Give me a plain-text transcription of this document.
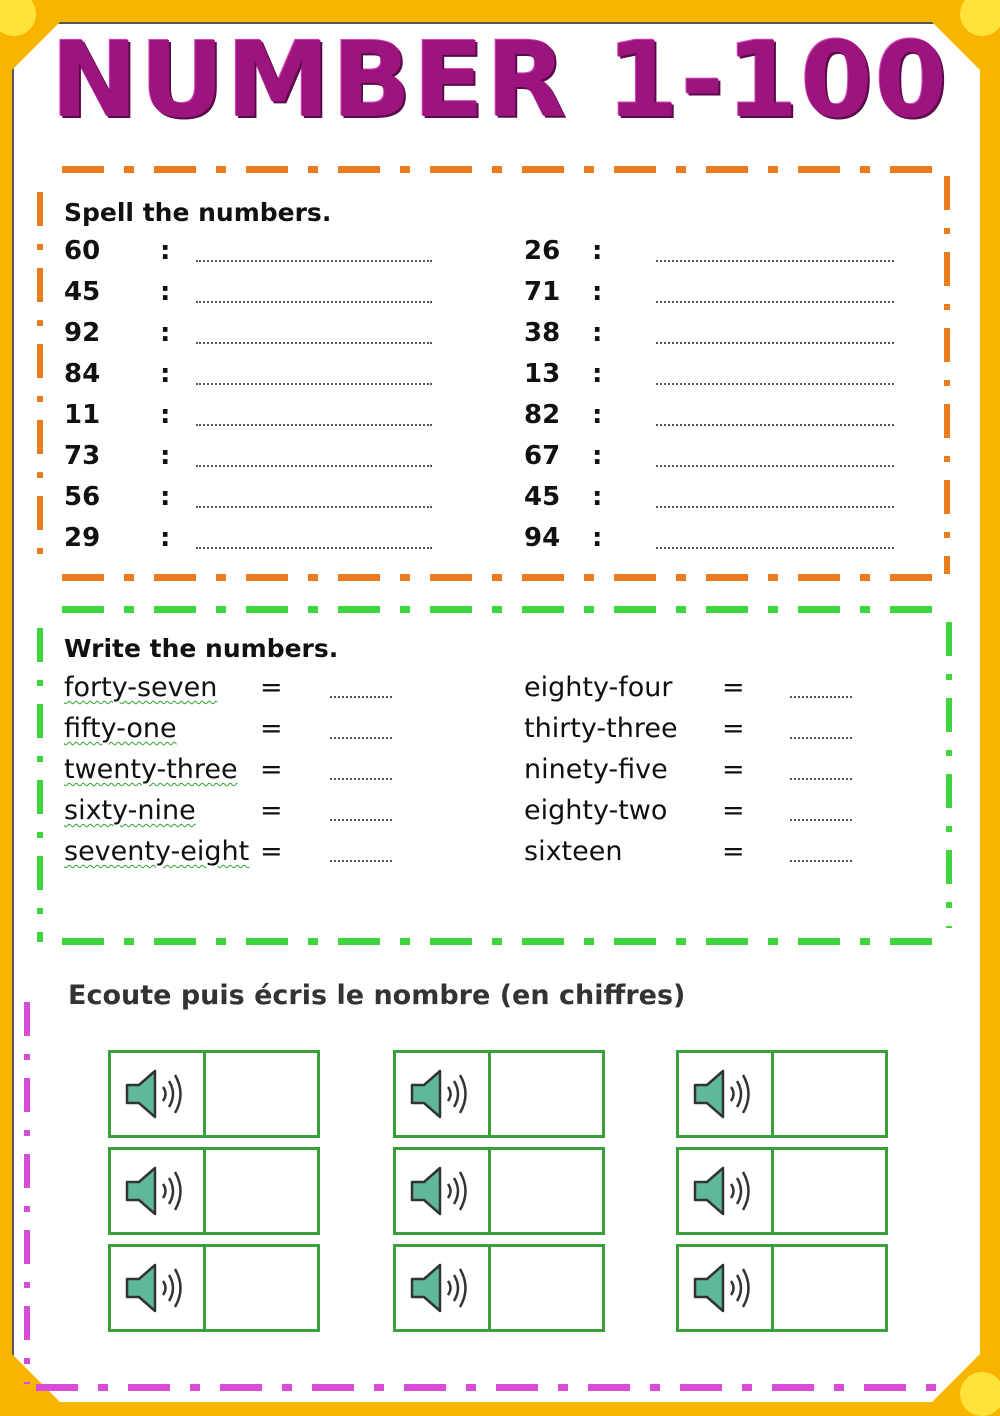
NUMBER 1-100
Spell the numbers.
60 :
45 :
92 :
84 :
11 :
73 :
56 :
29 :
26 :
71 :
38 :
13 :
82 :
67 :
45 :
94 :
Write the numbers.
forty-seven =
fifty-one	=
twenty-three =
sixty-nine =
seventy-eight =
eighty-four =
thirty-three =
ninety-five =
eighty-two =
sixteen	=
Ecoute puis écris le nombre (en chiffres)
